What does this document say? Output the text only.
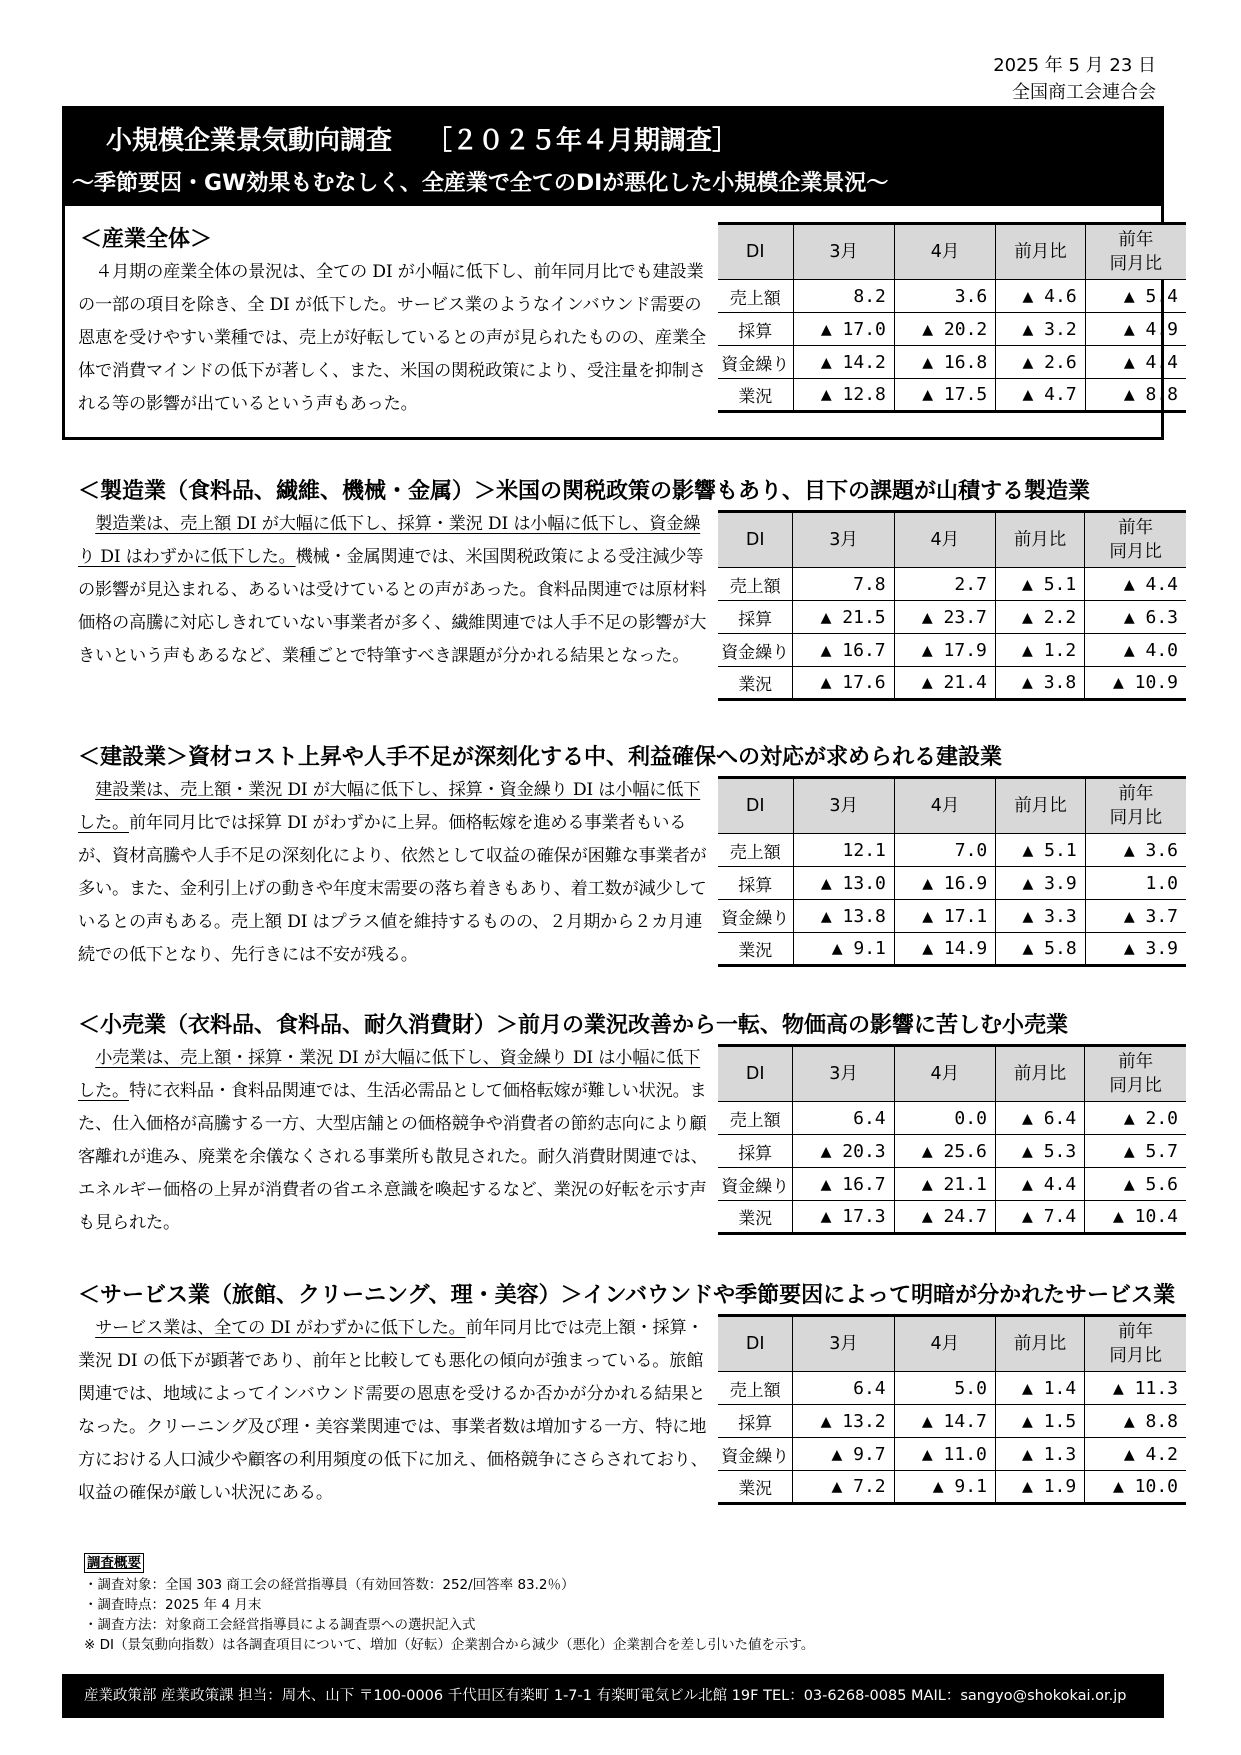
2025 年 5 月 23 日
全国商工会連合会
小規模企業景気動向調査 ［２０２５年４月期調査］
～季節要因・GW効果もむなしく、全産業で全てのDIが悪化した小規模企業景況～
＜産業全体＞
４月期の産業全体の景況は、全ての DI が小幅に低下し、前年同月比でも建設業の一部の項目を除き、全 DI が低下した。サービス業のようなインバウンド需要の恩恵を受けやすい業種では、売上が好転しているとの声が見られたものの、産業全体で消費マインドの低下が著しく、また、米国の関税政策により、受注量を抑制される等の影響が出ているという声もあった。
DI	3月	4月	前月比	前年
同月比
売上額	8.2	3.6	▲ 4.6	▲ 5.4
採算	▲ 17.0	▲ 20.2	▲ 3.2	▲ 4.9
資金繰り	▲ 14.2	▲ 16.8	▲ 2.6	▲ 4.4
業況	▲ 12.8	▲ 17.5	▲ 4.7	▲ 8.8
＜製造業（食料品、繊維、機械・金属）＞米国の関税政策の影響もあり、目下の課題が山積する製造業
製造業は、売上額 DI が大幅に低下し、採算・業況 DI は小幅に低下し、資金繰り DI はわずかに低下した。機械・金属関連では、米国関税政策による受注減少等の影響が見込まれる、あるいは受けているとの声があった。食料品関連では原材料価格の高騰に対応しきれていない事業者が多く、繊維関連では人手不足の影響が大きいという声もあるなど、業種ごとで特筆すべき課題が分かれる結果となった。
DI	3月	4月	前月比	前年
同月比
売上額	7.8	2.7	▲ 5.1	▲ 4.4
採算	▲ 21.5	▲ 23.7	▲ 2.2	▲ 6.3
資金繰り	▲ 16.7	▲ 17.9	▲ 1.2	▲ 4.0
業況	▲ 17.6	▲ 21.4	▲ 3.8	▲ 10.9
＜建設業＞資材コスト上昇や人手不足が深刻化する中、利益確保への対応が求められる建設業
建設業は、売上額・業況 DI が大幅に低下し、採算・資金繰り DI は小幅に低下した。前年同月比では採算 DI がわずかに上昇。価格転嫁を進める事業者もいるが、資材高騰や人手不足の深刻化により、依然として収益の確保が困難な事業者が多い。また、金利引上げの動きや年度末需要の落ち着きもあり、着工数が減少しているとの声もある。売上額 DI はプラス値を維持するものの、２月期から２カ月連続での低下となり、先行きには不安が残る。
DI	3月	4月	前月比	前年
同月比
売上額	12.1	7.0	▲ 5.1	▲ 3.6
採算	▲ 13.0	▲ 16.9	▲ 3.9	1.0
資金繰り	▲ 13.8	▲ 17.1	▲ 3.3	▲ 3.7
業況	▲ 9.1	▲ 14.9	▲ 5.8	▲ 3.9
＜小売業（衣料品、食料品、耐久消費財）＞前月の業況改善から一転、物価高の影響に苦しむ小売業
小売業は、売上額・採算・業況 DI が大幅に低下し、資金繰り DI は小幅に低下した。特に衣料品・食料品関連では、生活必需品として価格転嫁が難しい状況。また、仕入価格が高騰する一方、大型店舗との価格競争や消費者の節約志向により顧客離れが進み、廃業を余儀なくされる事業所も散見された。耐久消費財関連では、エネルギー価格の上昇が消費者の省エネ意識を喚起するなど、業況の好転を示す声も見られた。
DI	3月	4月	前月比	前年
同月比
売上額	6.4	0.0	▲ 6.4	▲ 2.0
採算	▲ 20.3	▲ 25.6	▲ 5.3	▲ 5.7
資金繰り	▲ 16.7	▲ 21.1	▲ 4.4	▲ 5.6
業況	▲ 17.3	▲ 24.7	▲ 7.4	▲ 10.4
＜サービス業（旅館、クリーニング、理・美容）＞インバウンドや季節要因によって明暗が分かれたサービス業
サービス業は、全ての DI がわずかに低下した。前年同月比では売上額・採算・業況 DI の低下が顕著であり、前年と比較しても悪化の傾向が強まっている。旅館関連では、地域によってインバウンド需要の恩恵を受けるか否かが分かれる結果となった。クリーニング及び理・美容業関連では、事業者数は増加する一方、特に地方における人口減少や顧客の利用頻度の低下に加え、価格競争にさらされており、収益の確保が厳しい状況にある。
DI	3月	4月	前月比	前年
同月比
売上額	6.4	5.0	▲ 1.4	▲ 11.3
採算	▲ 13.2	▲ 14.7	▲ 1.5	▲ 8.8
資金繰り	▲ 9.7	▲ 11.0	▲ 1.3	▲ 4.2
業況	▲ 7.2	▲ 9.1	▲ 1.9	▲ 10.0
調査概要
・調査対象：全国 303 商工会の経営指導員（有効回答数：252/回答率 83.2％）
・調査時点：2025 年 4 月末
・調査方法：対象商工会経営指導員による調査票への選択記入式
※ DI（景気動向指数）は各調査項目について、増加（好転）企業割合から減少（悪化）企業割合を差し引いた値を示す。
産業政策部 産業政策課 担当：周木、山下 〒100-0006 千代田区有楽町 1-7-1 有楽町電気ビル北館 19F TEL：03-6268-0085 MAIL：sangyo@shokokai.or.jp
